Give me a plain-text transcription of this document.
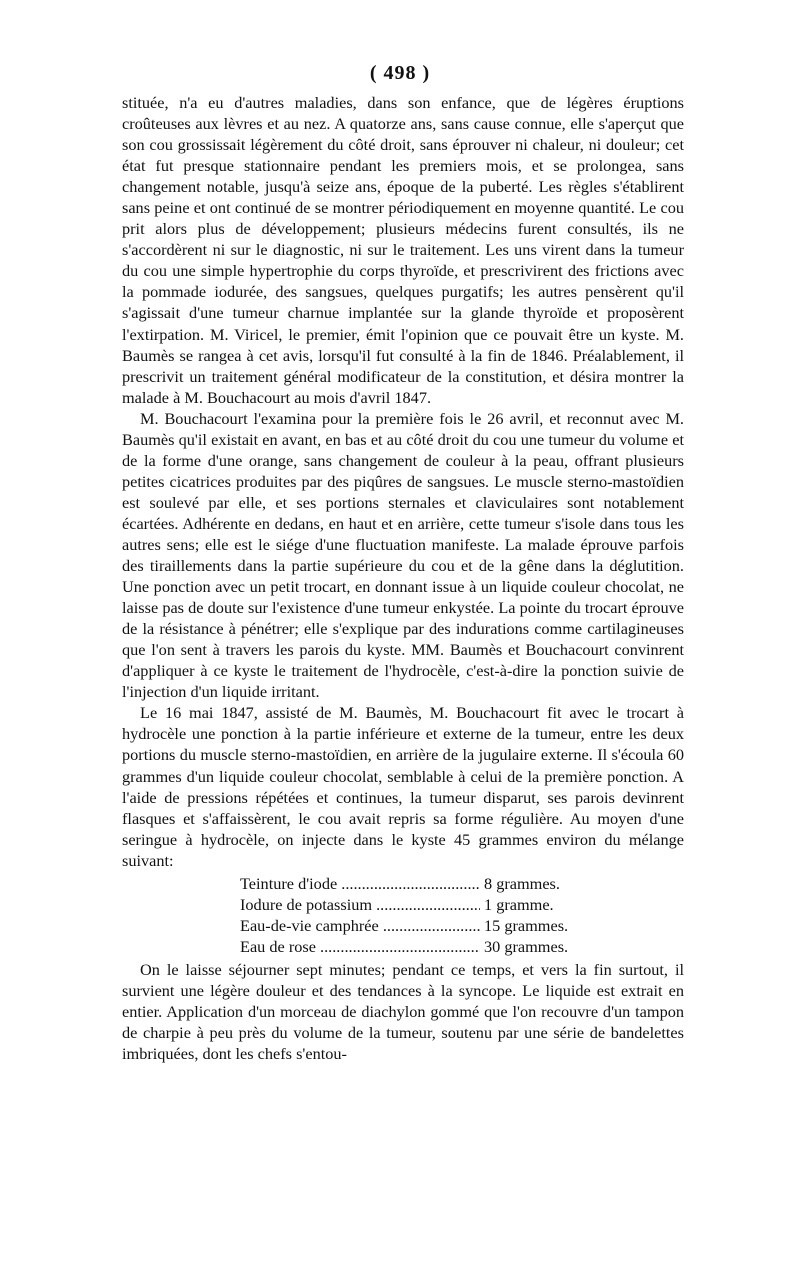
( 498 )

stituée, n'a eu d'autres maladies, dans son enfance, que de légères éruptions croûteuses aux lèvres et au nez. A quatorze ans, sans cause connue, elle s'aperçut que son cou grossissait légèrement du côté droit, sans éprouver ni chaleur, ni douleur; cet état fut presque stationnaire pendant les premiers mois, et se prolongea, sans changement notable, jusqu'à seize ans, époque de la puberté. Les règles s'établirent sans peine et ont continué de se montrer périodiquement en moyenne quantité. Le cou prit alors plus de développement; plusieurs médecins furent consultés, ils ne s'accordèrent ni sur le diagnostic, ni sur le traitement. Les uns virent dans la tumeur du cou une simple hypertrophie du corps thyroïde, et prescrivirent des frictions avec la pommade iodurée, des sangsues, quelques purgatifs; les autres pensèrent qu'il s'agissait d'une tumeur charnue implantée sur la glande thyroïde et proposèrent l'extirpation. M. Viricel, le premier, émit l'opinion que ce pouvait être un kyste. M. Baumès se rangea à cet avis, lorsqu'il fut consulté à la fin de 1846. Préalablement, il prescrivit un traitement général modificateur de la constitution, et désira montrer la malade à M. Bouchacourt au mois d'avril 1847.

M. Bouchacourt l'examina pour la première fois le 26 avril, et reconnut avec M. Baumès qu'il existait en avant, en bas et au côté droit du cou une tumeur du volume et de la forme d'une orange, sans changement de couleur à la peau, offrant plusieurs petites cicatrices produites par des piqûres de sangsues. Le muscle sterno-mastoïdien est soulevé par elle, et ses portions sternales et claviculaires sont notablement écartées. Adhérente en dedans, en haut et en arrière, cette tumeur s'isole dans tous les autres sens; elle est le siége d'une fluctuation manifeste. La malade éprouve parfois des tiraillements dans la partie supérieure du cou et de la gêne dans la déglutition. Une ponction avec un petit trocart, en donnant issue à un liquide couleur chocolat, ne laisse pas de doute sur l'existence d'une tumeur enkystée. La pointe du trocart éprouve de la résistance à pénétrer; elle s'explique par des indurations comme cartilagineuses que l'on sent à travers les parois du kyste. MM. Baumès et Bouchacourt convinrent d'appliquer à ce kyste le traitement de l'hydrocèle, c'est-à-dire la ponction suivie de l'injection d'un liquide irritant.

Le 16 mai 1847, assisté de M. Baumès, M. Bouchacourt fit avec le trocart à hydrocèle une ponction à la partie inférieure et externe de la tumeur, entre les deux portions du muscle sterno-mastoïdien, en arrière de la jugulaire externe. Il s'écoula 60 grammes d'un liquide couleur chocolat, semblable à celui de la première ponction. A l'aide de pressions répétées et continues, la tumeur disparut, ses parois devinrent flasques et s'affaissèrent, le cou avait repris sa forme régulière. Au moyen d'une seringue à hydrocèle, on injecte dans le kyste 45 grammes environ du mélange suivant:

Teinture d'iode .....	8 grammes.
Iodure de potassium .....	1 gramme.
Eau-de-vie camphrée .....	15 grammes.
Eau de rose .....	30 grammes.

On le laisse séjourner sept minutes; pendant ce temps, et vers la fin surtout, il survient une légère douleur et des tendances à la syncope. Le liquide est extrait en entier. Application d'un morceau de diachylon gommé que l'on recouvre d'un tampon de charpie à peu près du volume de la tumeur, soutenu par une série de bandelettes imbriquées, dont les chefs s'entou-
